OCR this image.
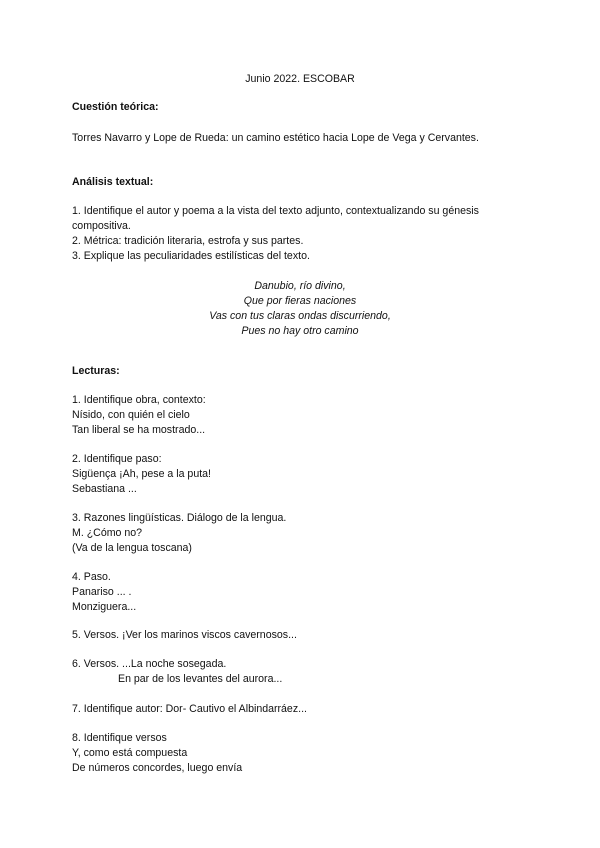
Junio 2022. ESCOBAR
Cuestión teórica:
Torres Navarro y Lope de Rueda: un camino estético hacia Lope de Vega y Cervantes.
Análisis textual:
1. Identifique el autor y poema a la vista del texto adjunto, contextualizando su génesis compositiva.
2. Métrica: tradición literaria, estrofa y sus partes.
3. Explique las peculiaridades estilísticas del texto.
Danubio, río divino,
Que por fieras naciones
Vas con tus claras ondas discurriendo,
Pues no hay otro camino
Lecturas:
1. Identifique obra, contexto:
Nísido, con quién el cielo
Tan liberal se ha mostrado...
2. Identifique paso:
Sigüença ¡Ah, pese a la puta!
Sebastiana ...
3. Razones lingüísticas. Diálogo de la lengua.
M. ¿Cómo no?
(Va de la lengua toscana)
4. Paso.
Panariso ... .
Monziguera...
5. Versos. ¡Ver los marinos viscos cavernosos...
6. Versos. ...La noche sosegada.
En par de los levantes del aurora...
7. Identifique autor: Dor- Cautivo el Albindarráez...
8. Identifique versos
Y, como está compuesta
De números concordes, luego envía
